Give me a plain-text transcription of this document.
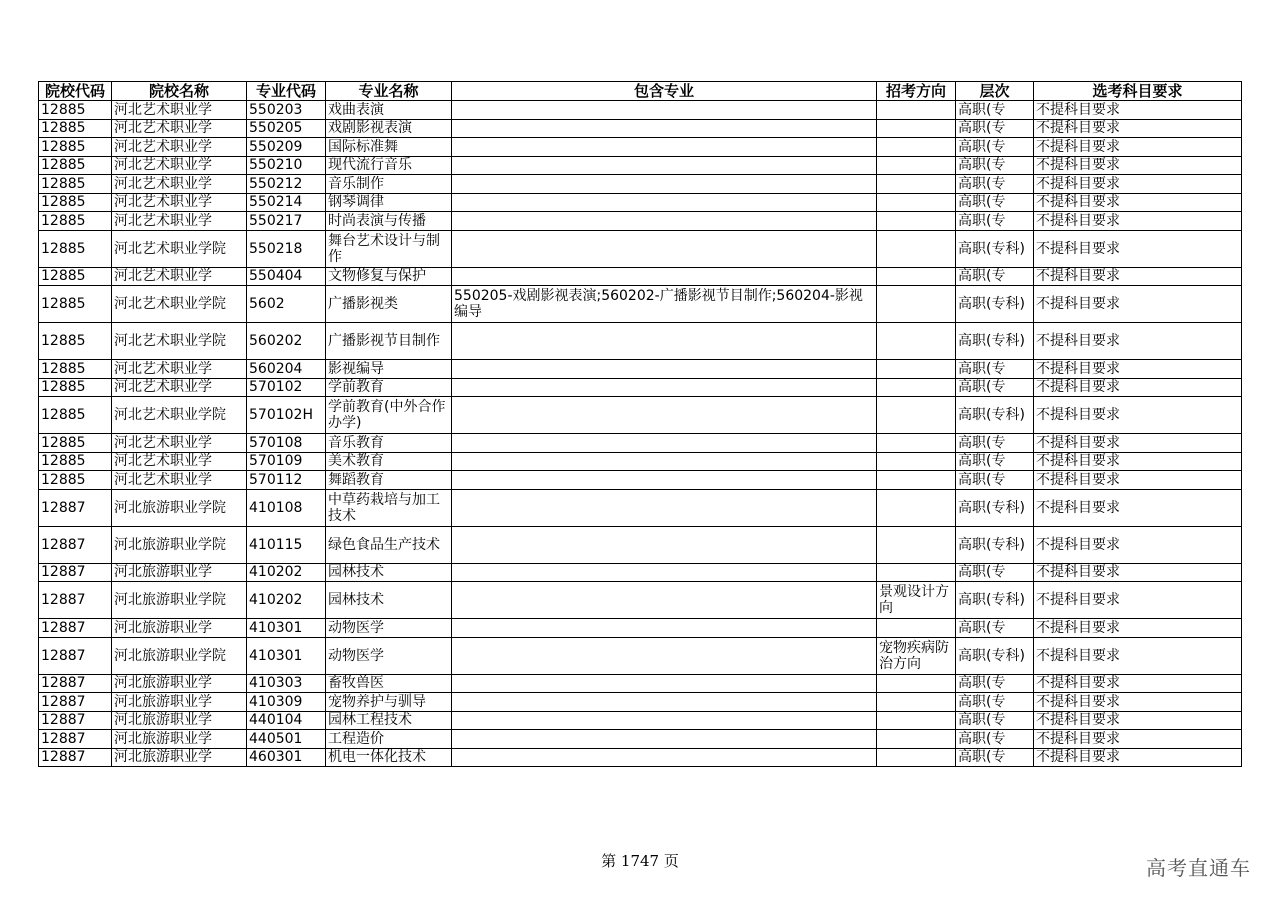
院校代码	院校名称	专业代码	专业名称	包含专业	招考方向	层次	选考科目要求
12885	河北艺术职业学	550203	戏曲表演			高职(专	不提科目要求
12885	河北艺术职业学	550205	戏剧影视表演			高职(专	不提科目要求
12885	河北艺术职业学	550209	国际标准舞			高职(专	不提科目要求
12885	河北艺术职业学	550210	现代流行音乐			高职(专	不提科目要求
12885	河北艺术职业学	550212	音乐制作			高职(专	不提科目要求
12885	河北艺术职业学	550214	钢琴调律			高职(专	不提科目要求
12885	河北艺术职业学	550217	时尚表演与传播			高职(专	不提科目要求
12885	河北艺术职业学院	550218	舞台艺术设计与制作			高职(专科)	不提科目要求
12885	河北艺术职业学	550404	文物修复与保护			高职(专	不提科目要求
12885	河北艺术职业学院	5602	广播影视类	550205-戏剧影视表演;560202-广播影视节目制作;560204-影视编导		高职(专科)	不提科目要求
12885	河北艺术职业学院	560202	广播影视节目制作			高职(专科)	不提科目要求
12885	河北艺术职业学	560204	影视编导			高职(专	不提科目要求
12885	河北艺术职业学	570102	学前教育			高职(专	不提科目要求
12885	河北艺术职业学院	570102H	学前教育(中外合作办学)			高职(专科)	不提科目要求
12885	河北艺术职业学	570108	音乐教育			高职(专	不提科目要求
12885	河北艺术职业学	570109	美术教育			高职(专	不提科目要求
12885	河北艺术职业学	570112	舞蹈教育			高职(专	不提科目要求
12887	河北旅游职业学院	410108	中草药栽培与加工技术			高职(专科)	不提科目要求
12887	河北旅游职业学院	410115	绿色食品生产技术			高职(专科)	不提科目要求
12887	河北旅游职业学	410202	园林技术			高职(专	不提科目要求
12887	河北旅游职业学院	410202	园林技术		景观设计方向	高职(专科)	不提科目要求
12887	河北旅游职业学	410301	动物医学			高职(专	不提科目要求
12887	河北旅游职业学院	410301	动物医学		宠物疾病防治方向	高职(专科)	不提科目要求
12887	河北旅游职业学	410303	畜牧兽医			高职(专	不提科目要求
12887	河北旅游职业学	410309	宠物养护与驯导			高职(专	不提科目要求
12887	河北旅游职业学	440104	园林工程技术			高职(专	不提科目要求
12887	河北旅游职业学	440501	工程造价			高职(专	不提科目要求
12887	河北旅游职业学	460301	机电一体化技术			高职(专	不提科目要求
第 1747 页	高考直通车
